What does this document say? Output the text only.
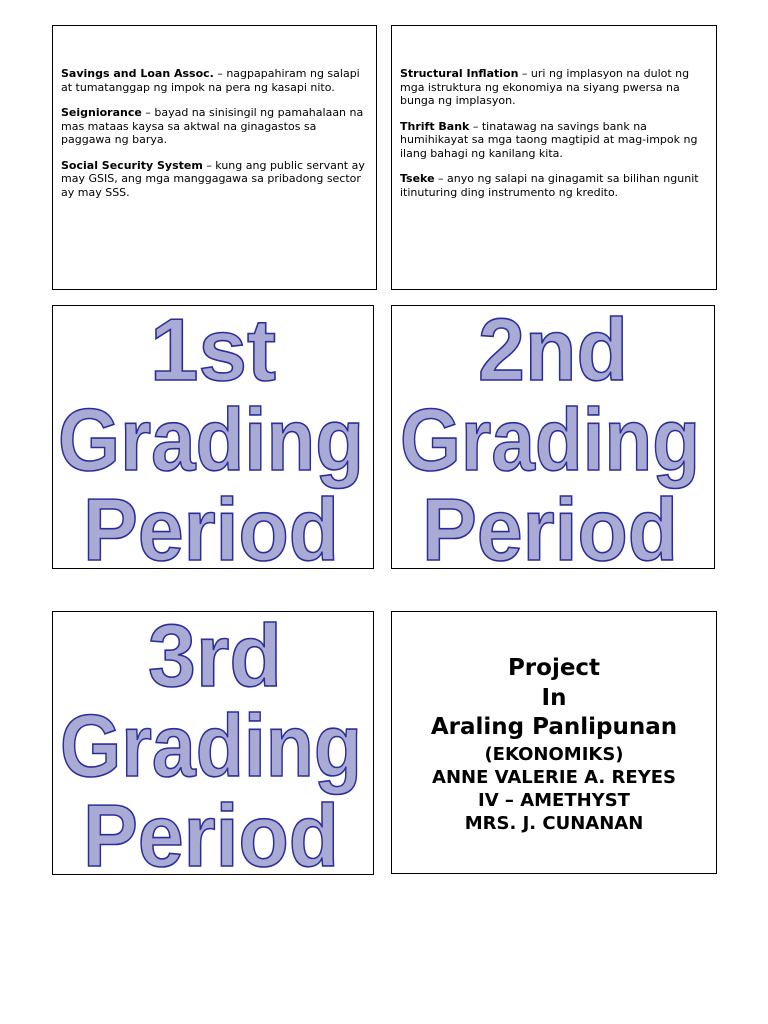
Savings and Loan Assoc. – nagpapahiram ng salapi at tumatanggap ng impok na pera ng kasapi nito.
Seigniorance – bayad na sinisingil ng pamahalaan na mas mataas kaysa sa aktwal na ginagastos sa paggawa ng barya.
Social Security System – kung ang public servant ay may GSIS, ang mga manggagawa sa pribadong sector ay may SSS.
Structural Inflation – uri ng implasyon na dulot ng mga istruktura ng ekonomiya na siyang pwersa na bunga ng implasyon.
Thrift Bank – tinatawag na savings bank na humihikayat sa mga taong magtipid at mag-impok ng ilang bahagi ng kanilang kita.
Tseke – anyo ng salapi na ginagamit sa bilihan ngunit itinuturing ding instrumento ng kredito.
1st
Grading
Period
2nd
Grading
Period
3rd
Grading
Period
Project
In
Araling Panlipunan
(EKONOMIKS)
ANNE VALERIE A. REYES
IV – AMETHYST
MRS. J. CUNANAN
